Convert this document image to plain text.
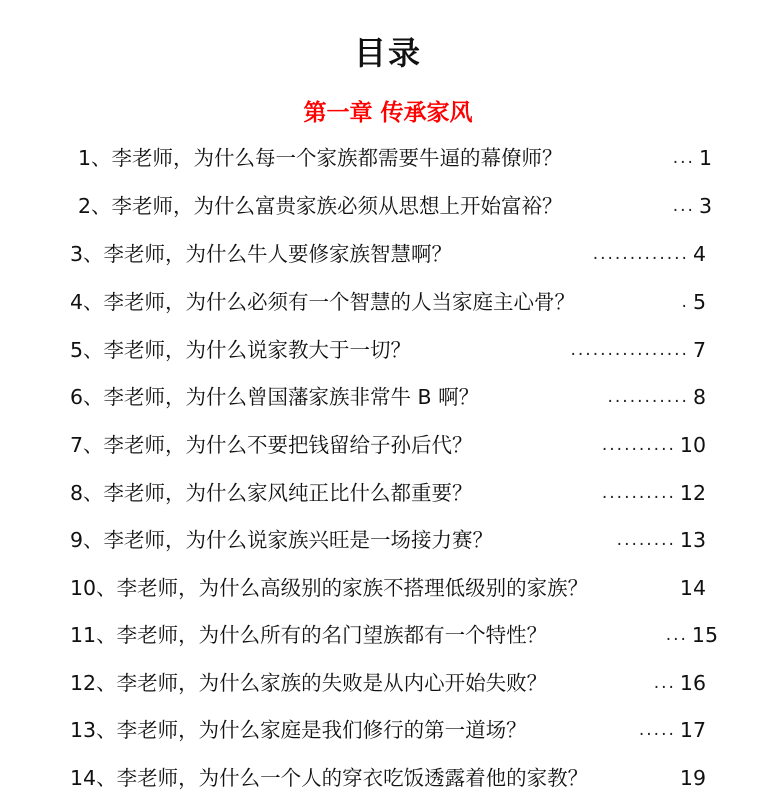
目录
第一章 传承家风
1、李老师，为什么每一个家族都需要牛逼的幕僚师？	... 1
2、李老师，为什么富贵家族必须从思想上开始富裕？	... 3
3、李老师，为什么牛人要修家族智慧啊？	............. 4
4、李老师，为什么必须有一个智慧的人当家庭主心骨？	. 5
5、李老师，为什么说家教大于一切？	................ 7
6、李老师，为什么曾国藩家族非常牛 B 啊？	........... 8
7、李老师，为什么不要把钱留给子孙后代？	.......... 10
8、李老师，为什么家风纯正比什么都重要？	.......... 12
9、李老师，为什么说家族兴旺是一场接力赛？	........ 13
10、李老师，为什么高级别的家族不搭理低级别的家族？	14
11、李老师，为什么所有的名门望族都有一个特性？	... 15
12、李老师，为什么家族的失败是从内心开始失败？	... 16
13、李老师，为什么家庭是我们修行的第一道场？	..... 17
14、李老师，为什么一个人的穿衣吃饭透露着他的家教？	19
